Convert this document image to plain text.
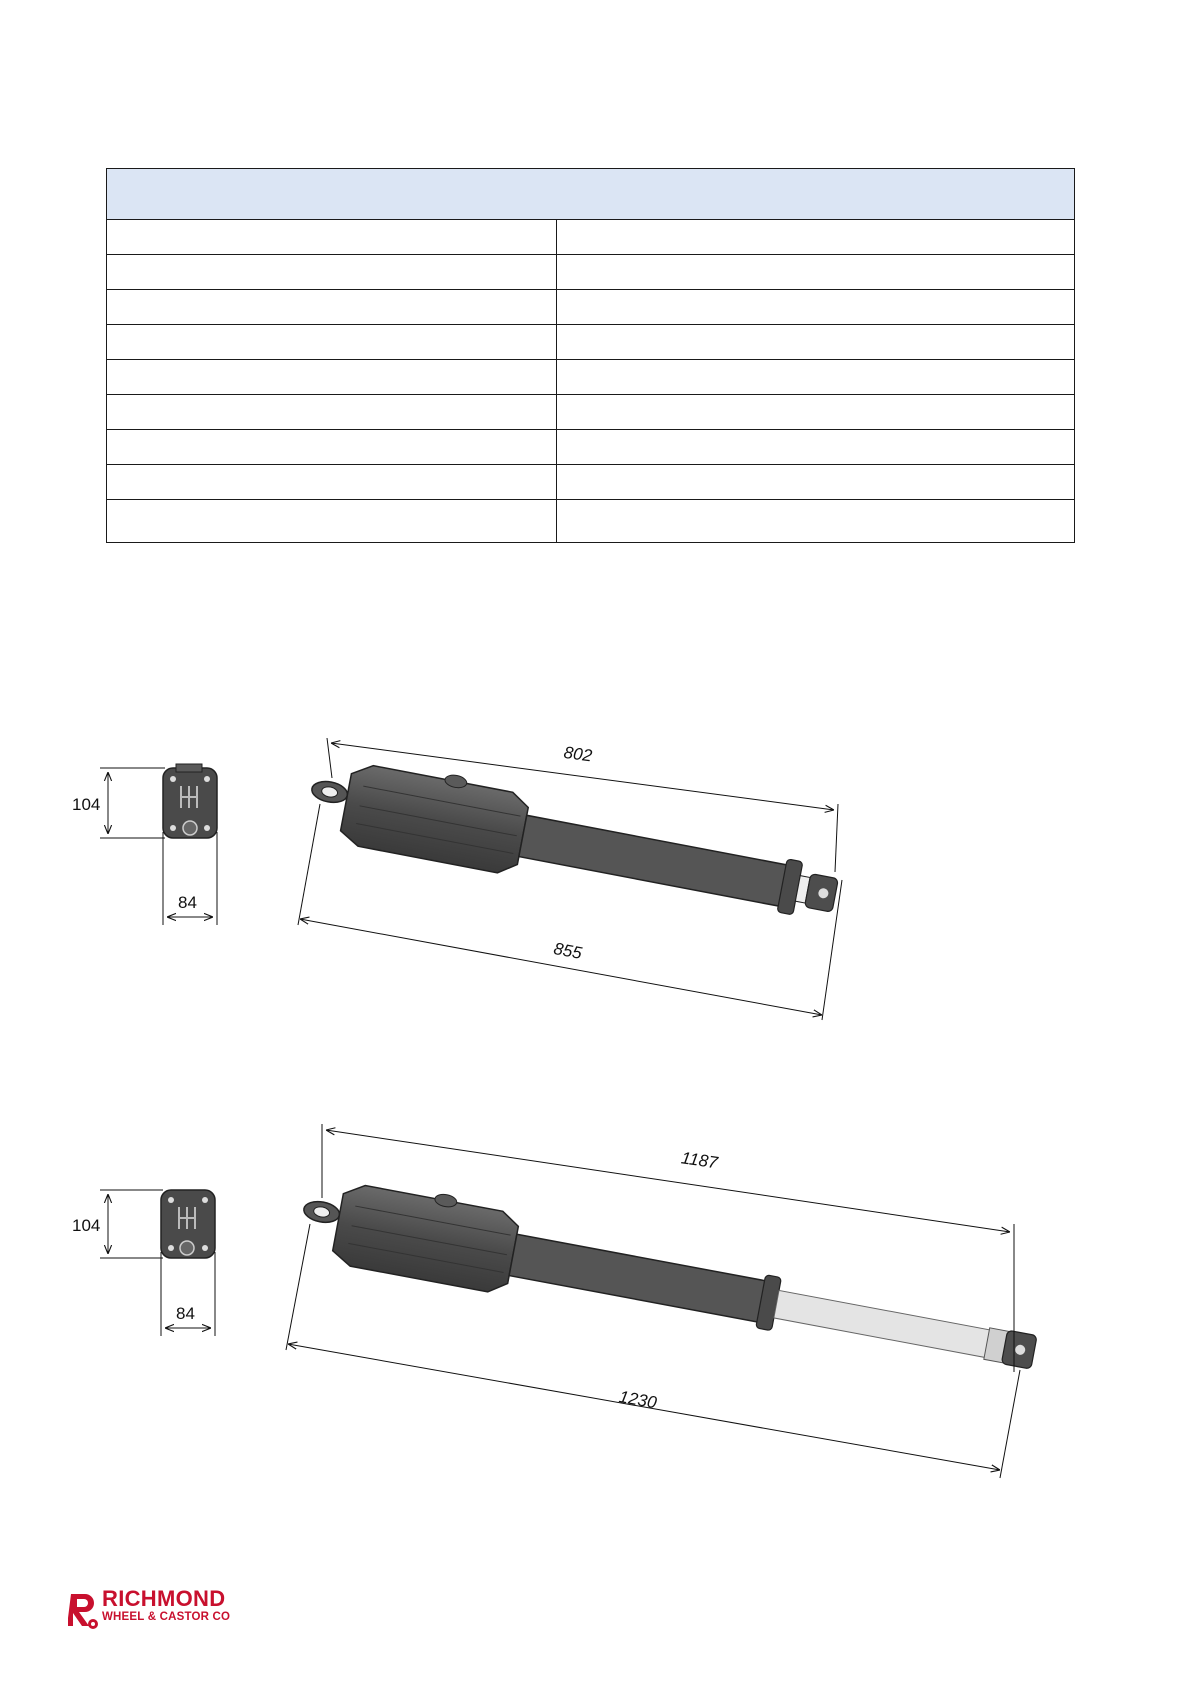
104
84
802
855
104
84
1187
1230
RICHMOND
WHEEL & CASTOR CO
